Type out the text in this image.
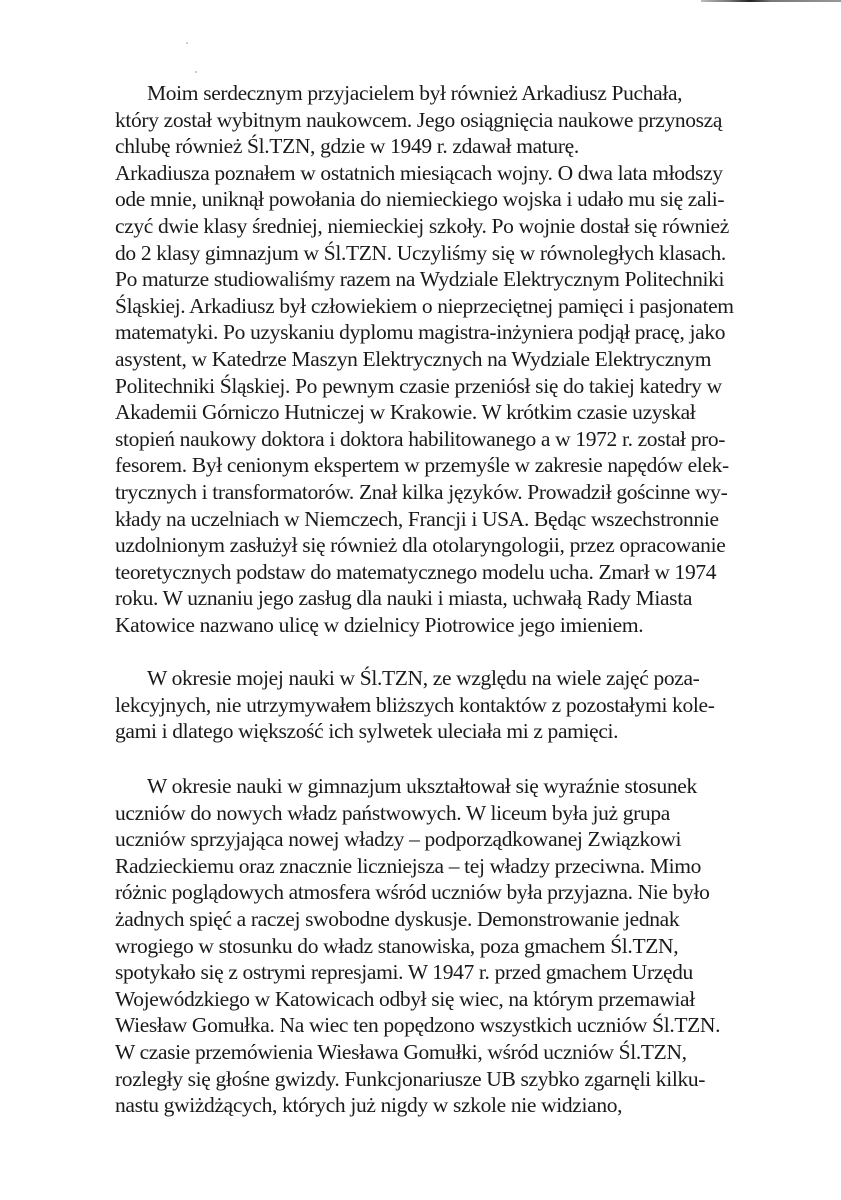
Moim serdecznym przyjacielem był również Arkadiusz Puchała,
który został wybitnym naukowcem. Jego osiągnięcia naukowe przynoszą
chlubę również Śl.TZN, gdzie w 1949 r. zdawał maturę.
Arkadiusza poznałem w ostatnich miesiącach wojny. O dwa lata młodszy
ode mnie, uniknął powołania do niemieckiego wojska i udało mu się zali-
czyć dwie klasy średniej, niemieckiej szkoły. Po wojnie dostał się również
do 2 klasy gimnazjum w Śl.TZN. Uczyliśmy się w równoległych klasach.
Po maturze studiowaliśmy razem na Wydziale Elektrycznym Politechniki
Śląskiej. Arkadiusz był człowiekiem o nieprzeciętnej pamięci i pasjonatem
matematyki. Po uzyskaniu dyplomu magistra-inżyniera podjął pracę, jako
asystent, w Katedrze Maszyn Elektrycznych na Wydziale Elektrycznym
Politechniki Śląskiej. Po pewnym czasie przeniósł się do takiej katedry w
Akademii Górniczo Hutniczej w Krakowie. W krótkim czasie uzyskał
stopień naukowy doktora i doktora habilitowanego a w 1972 r. został pro-
fesorem. Był cenionym ekspertem w przemyśle w zakresie napędów elek-
trycznych i transformatorów. Znał kilka języków. Prowadził gościnne wy-
kłady na uczelniach w Niemczech, Francji i USA. Będąc wszechstronnie
uzdolnionym zasłużył się również dla otolaryngologii, przez opracowanie
teoretycznych podstaw do matematycznego modelu ucha. Zmarł w 1974
roku. W uznaniu jego zasług dla nauki i miasta, uchwałą Rady Miasta
Katowice nazwano ulicę w dzielnicy Piotrowice jego imieniem.
W okresie mojej nauki w Śl.TZN, ze względu na wiele zajęć poza-
lekcyjnych, nie utrzymywałem bliższych kontaktów z pozostałymi kole-
gami i dlatego większość ich sylwetek uleciała mi z pamięci.
W okresie nauki w gimnazjum ukształtował się wyraźnie stosunek
uczniów do nowych władz państwowych. W liceum była już grupa
uczniów sprzyjająca nowej władzy – podporządkowanej Związkowi
Radzieckiemu oraz znacznie liczniejsza – tej władzy przeciwna. Mimo
różnic poglądowych atmosfera wśród uczniów była przyjazna. Nie było
żadnych spięć a raczej swobodne dyskusje. Demonstrowanie jednak
wrogiego w stosunku do władz stanowiska, poza gmachem Śl.TZN,
spotykało się z ostrymi represjami. W 1947 r. przed gmachem Urzędu
Wojewódzkiego w Katowicach odbył się wiec, na którym przemawiał
Wiesław Gomułka. Na wiec ten popędzono wszystkich uczniów Śl.TZN.
W czasie przemówienia Wiesława Gomułki, wśród uczniów Śl.TZN,
rozległy się głośne gwizdy. Funkcjonariusze UB szybko zgarnęli kilku-
nastu gwiżdżących, których już nigdy w szkole nie widziano,
